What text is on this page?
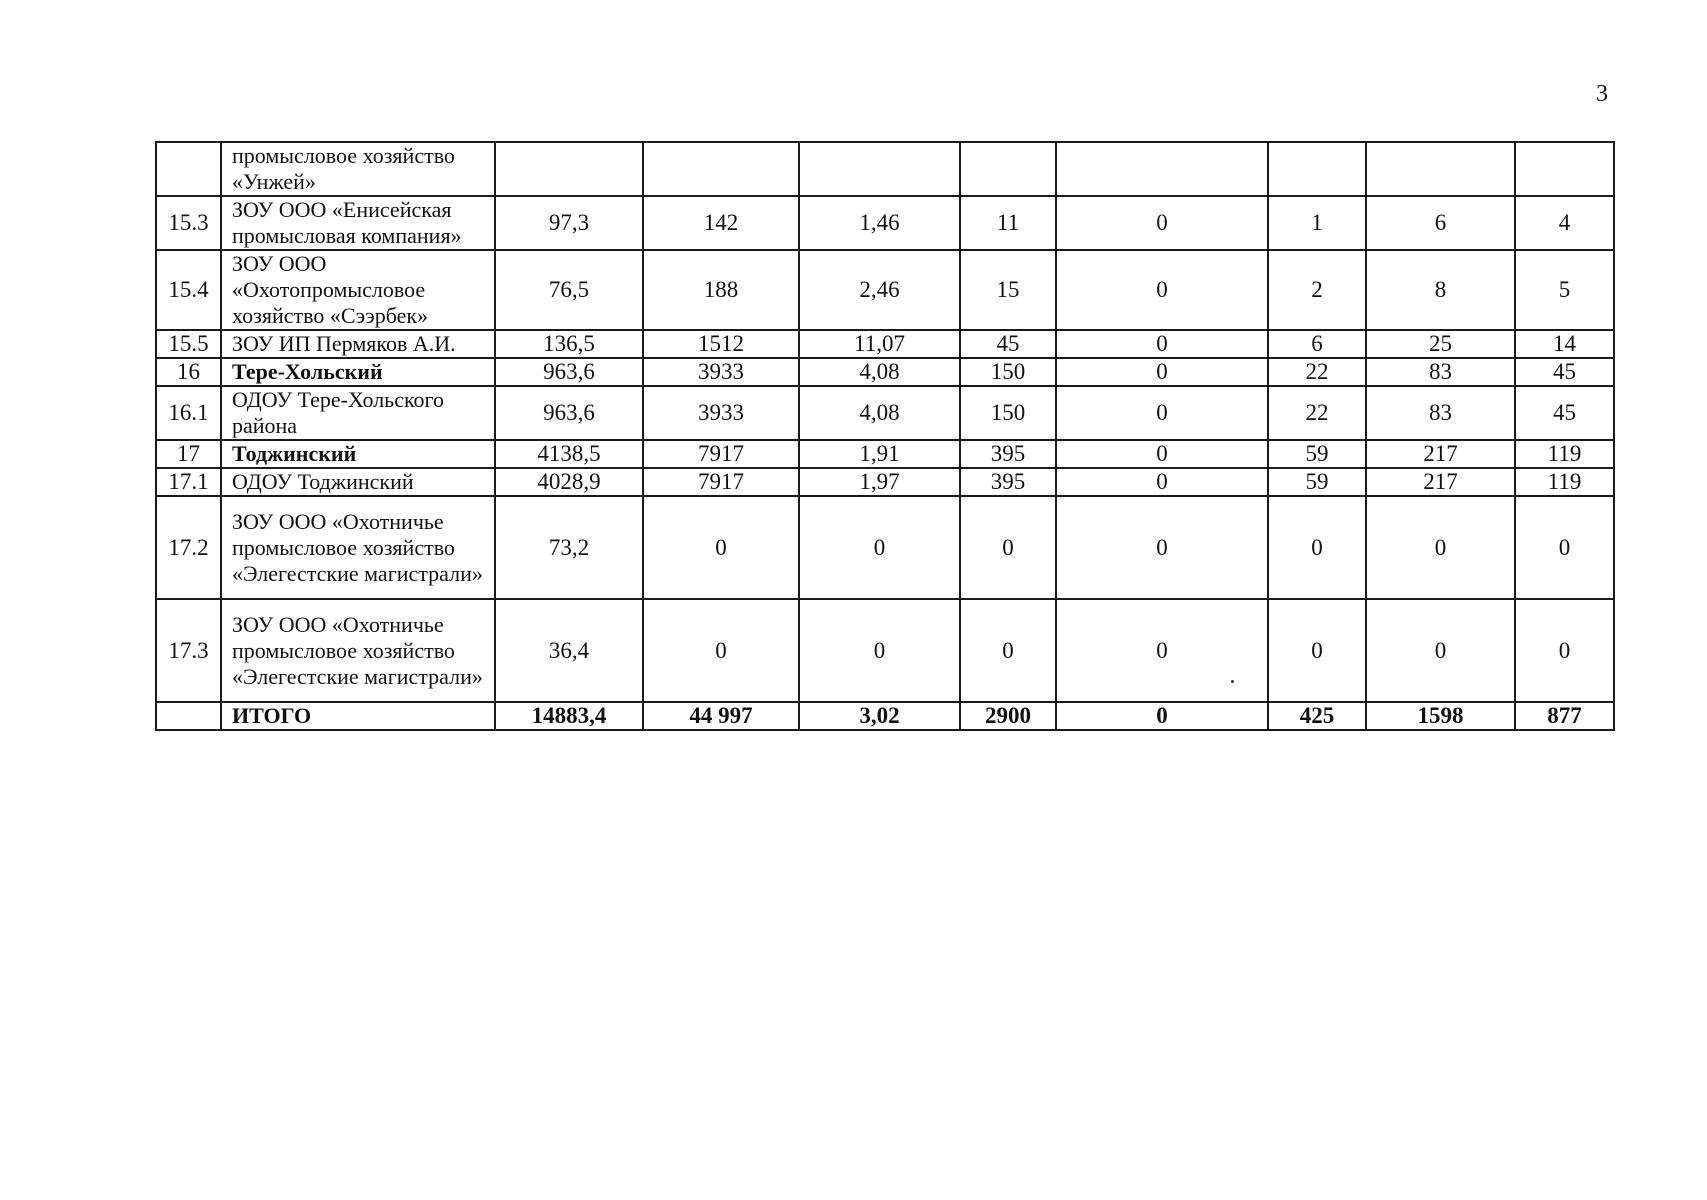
3
	промысловое хозяйство «Унжей»								
15.3	ЗОУ ООО «Енисейская промысловая компания»	97,3	142	1,46	11	0	1	6	4
15.4	ЗОУ ООО «Охотопромысловое хозяйство «Сээрбек»	76,5	188	2,46	15	0	2	8	5
15.5	ЗОУ ИП Пермяков А.И.	136,5	1512	11,07	45	0	6	25	14
16	Тере-Хольский	963,6	3933	4,08	150	0	22	83	45
16.1	ОДОУ Тере-Хольского района	963,6	3933	4,08	150	0	22	83	45
17	Тоджинский	4138,5	7917	1,91	395	0	59	217	119
17.1	ОДОУ Тоджинский	4028,9	7917	1,97	395	0	59	217	119
17.2	ЗОУ ООО «Охотничье промысловое хозяйство «Элегестские магистрали»	73,2	0	0	0	0	0	0	0
17.3	ЗОУ ООО «Охотничье промысловое хозяйство «Элегестские магистрали»	36,4	0	0	0	0	0	0	0
	ИТОГО	14883,4	44 997	3,02	2900	0	425	1598	877
